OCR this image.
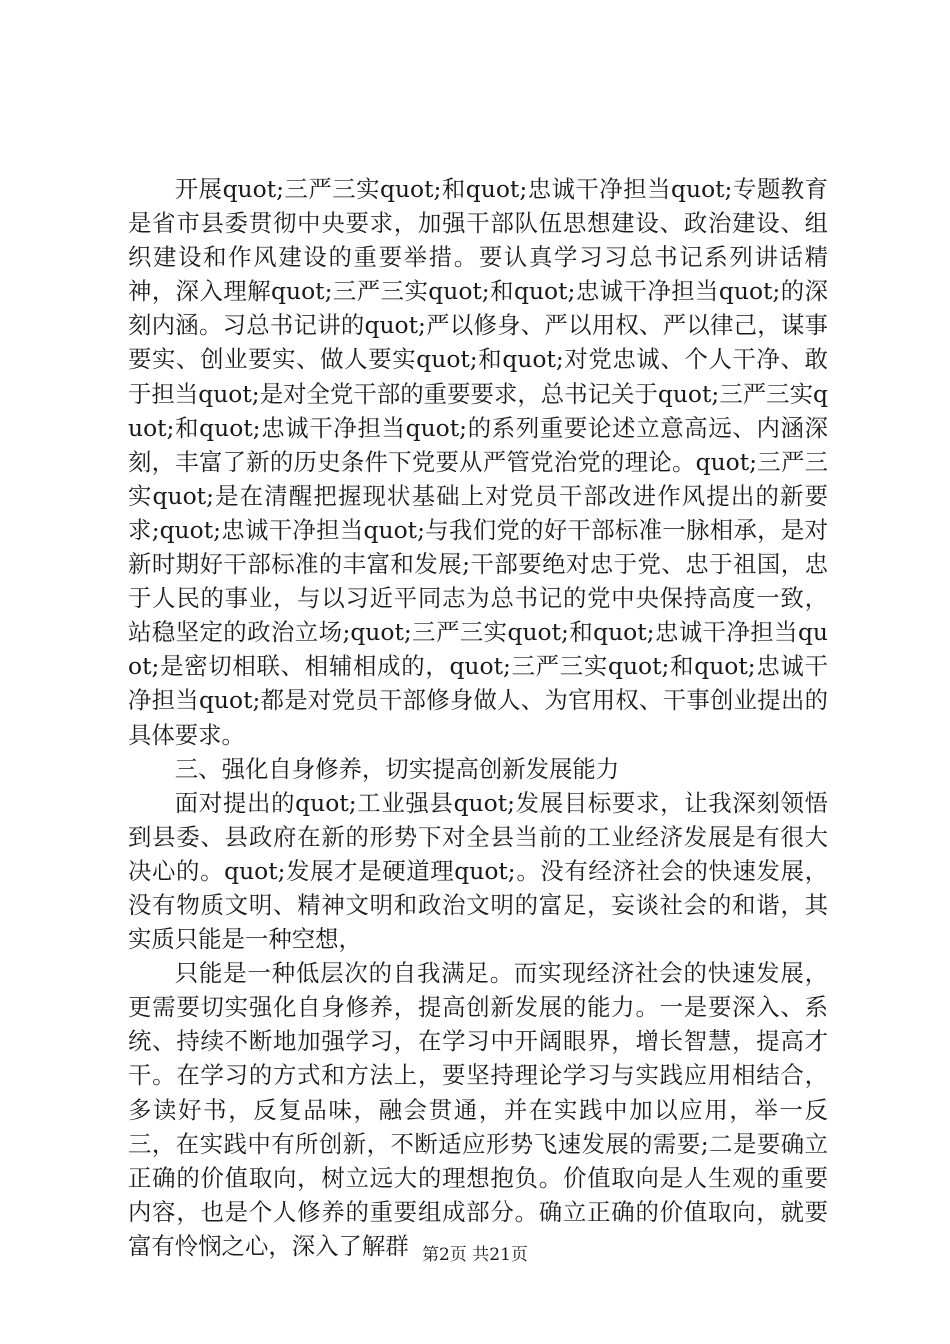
开展quot;三严三实quot;和quot;忠诚干净担当quot;专题教育是省市县委贯彻中央要求，加强干部队伍思想建设、政治建设、组织建设和作风建设的重要举措。要认真学习习总书记系列讲话精神，深入理解quot;三严三实quot;和quot;忠诚干净担当quot;的深刻内涵。习总书记讲的quot;严以修身、严以用权、严以律己，谋事要实、创业要实、做人要实quot;和quot;对党忠诚、个人干净、敢于担当quot;是对全党干部的重要要求，总书记关于quot;三严三实quot;和quot;忠诚干净担当quot;的系列重要论述立意高远、内涵深刻，丰富了新的历史条件下党要从严管党治党的理论。quot;三严三实quot;是在清醒把握现状基础上对党员干部改进作风提出的新要求;quot;忠诚干净担当quot;与我们党的好干部标准一脉相承，是对新时期好干部标准的丰富和发展;干部要绝对忠于党、忠于祖国，忠于人民的事业，与以习近平同志为总书记的党中央保持高度一致，站稳坚定的政治立场;quot;三严三实quot;和quot;忠诚干净担当quot;是密切相联、相辅相成的，quot;三严三实quot;和quot;忠诚干净担当quot;都是对党员干部修身做人、为官用权、干事创业提出的具体要求。

三、强化自身修养，切实提高创新发展能力

面对提出的quot;工业强县quot;发展目标要求，让我深刻领悟到县委、县政府在新的形势下对全县当前的工业经济发展是有很大决心的。quot;发展才是硬道理quot;。没有经济社会的快速发展，没有物质文明、精神文明和政治文明的富足，妄谈社会的和谐，其实质只能是一种空想，

只能是一种低层次的自我满足。而实现经济社会的快速发展，更需要切实强化自身修养，提高创新发展的能力。一是要深入、系统、持续不断地加强学习，在学习中开阔眼界，增长智慧，提高才干。在学习的方式和方法上，要坚持理论学习与实践应用相结合，多读好书，反复品味，融会贯通，并在实践中加以应用，举一反三，在实践中有所创新，不断适应形势飞速发展的需要;二是要确立正确的价值取向，树立远大的理想抱负。价值取向是人生观的重要内容，也是个人修养的重要组成部分。确立正确的价值取向，就要富有怜悯之心，深入了解群 第2页 共21页
